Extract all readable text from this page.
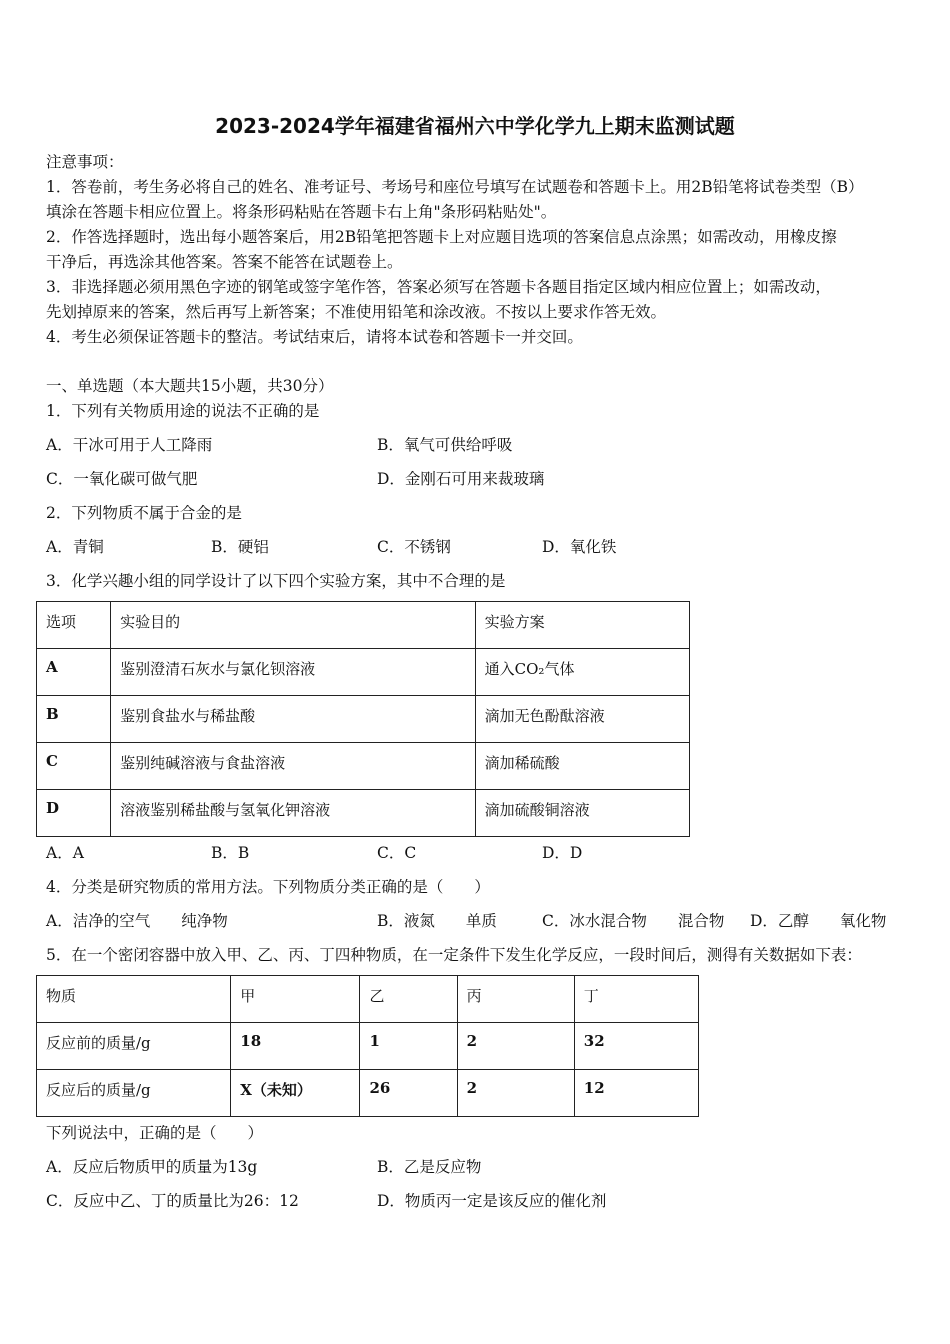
2023-2024学年福建省福州六中学化学九上期末监测试题
注意事项：
1．答卷前，考生务必将自己的姓名、准考证号、考场号和座位号填写在试题卷和答题卡上。用2B铅笔将试卷类型（B）
填涂在答题卡相应位置上。将条形码粘贴在答题卡右上角"条形码粘贴处"。
2．作答选择题时，选出每小题答案后，用2B铅笔把答题卡上对应题目选项的答案信息点涂黑；如需改动，用橡皮擦
干净后，再选涂其他答案。答案不能答在试题卷上。
3．非选择题必须用黑色字迹的钢笔或签字笔作答，答案必须写在答题卡各题目指定区域内相应位置上；如需改动，
先划掉原来的答案，然后再写上新答案；不准使用铅笔和涂改液。不按以上要求作答无效。
4．考生必须保证答题卡的整洁。考试结束后，请将本试卷和答题卡一并交回。
一、单选题（本大题共15小题，共30分）
1．下列有关物质用途的说法不正确的是
A．干冰可用于人工降雨	B．氧气可供给呼吸
C．一氧化碳可做气肥	D．金刚石可用来裁玻璃
2．下列物质不属于合金的是
A．青铜	B．硬铝	C．不锈钢	D．氧化铁
3．化学兴趣小组的同学设计了以下四个实验方案，其中不合理的是
选项	实验目的	实验方案
A	鉴别澄清石灰水与氯化钡溶液	通入CO₂气体
B	鉴别食盐水与稀盐酸	滴加无色酚酞溶液
C	鉴别纯碱溶液与食盐溶液	滴加稀硫酸
D	溶液鉴别稀盐酸与氢氧化钾溶液	滴加硫酸铜溶液
A．A	B．B	C．C	D．D
4．分类是研究物质的常用方法。下列物质分类正确的是（　　）
A．洁净的空气　　纯净物	B．液氮　　单质	C．冰水混合物　　混合物 D．乙醇　　氧化物
5．在一个密闭容器中放入甲、乙、丙、丁四种物质，在一定条件下发生化学反应，一段时间后，测得有关数据如下表：
物质	甲	乙	丙	丁
反应前的质量/g	18	1	2	32
反应后的质量/g	X（未知）	26	2	12
下列说法中，正确的是（　　）
A．反应后物质甲的质量为13g	B．乙是反应物
C．反应中乙、丁的质量比为26：12	D．物质丙一定是该反应的催化剂
